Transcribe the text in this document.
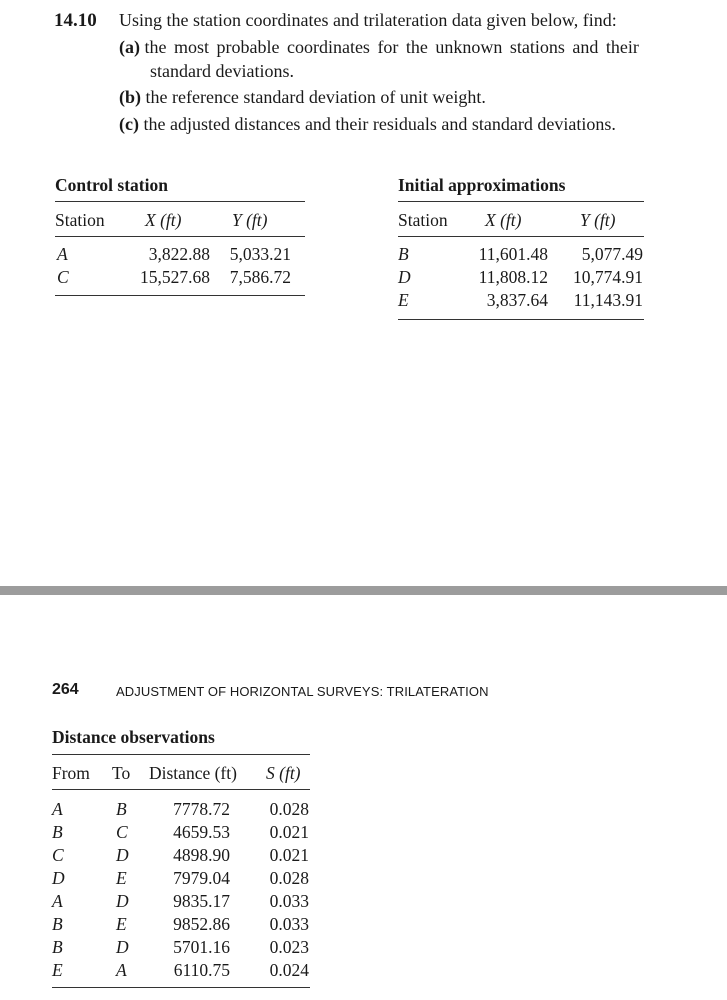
14.10 Using the station coordinates and trilateration data given below, find:
(a) the most probable coordinates for the unknown stations and their
standard deviations.
(b) the reference standard deviation of unit weight.
(c) the adjusted distances and their residuals and standard deviations.
Control station
Station X (ft)	Y (ft)
A	3,822.88	5,033.21
C	15,527.68	7,586.72
Initial approximations
Station X (ft)	Y (ft)
B	11,601.48	5,077.49
D	11,808.12	10,774.91
E	3,837.64	11,143.91
264	ADJUSTMENT OF HORIZONTAL SURVEYS: TRILATERATION
Distance observations
From To Distance (ft) S (ft)
A	B	7778.72	0.028
B	C	4659.53	0.021
C	D	4898.90	0.021
D	E	7979.04	0.028
A	D	9835.17	0.033
B	E	9852.86	0.033
B	D	5701.16	0.023
E	A	6110.75	0.024
